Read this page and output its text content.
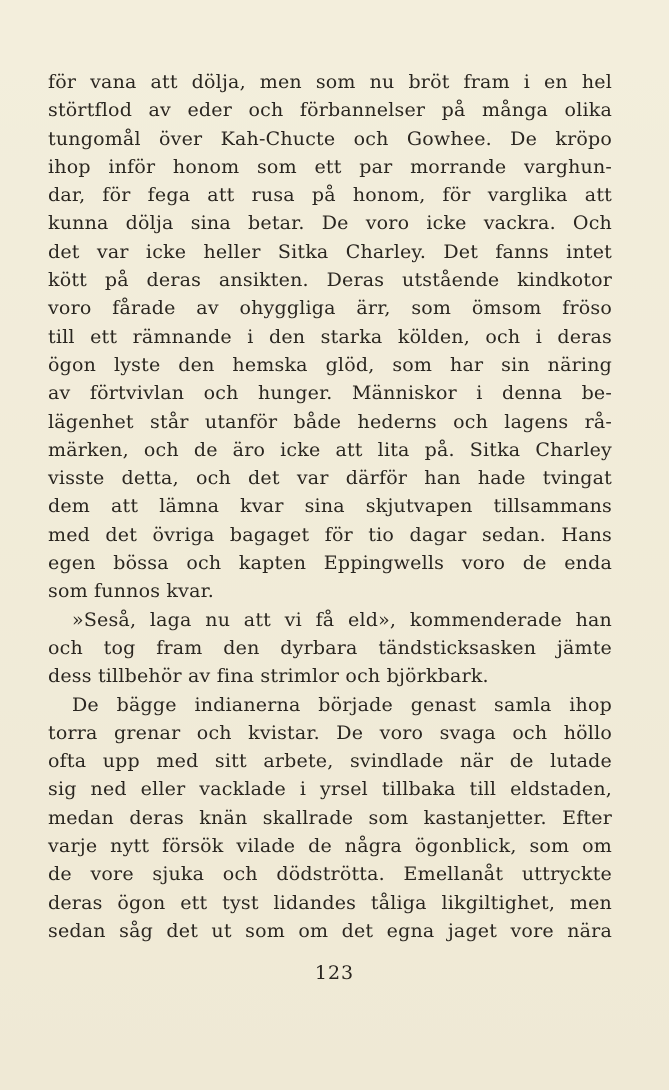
för vana att dölja, men som nu bröt fram i en hel
störtflod av eder och förbannelser på många olika
tungomål över Kah-Chucte och Gowhee. De kröpo
ihop inför honom som ett par morrande varghun-
dar, för fega att rusa på honom, för varglika att
kunna dölja sina betar. De voro icke vackra. Och
det var icke heller Sitka Charley. Det fanns intet
kött på deras ansikten. Deras utstående kindkotor
voro fårade av ohyggliga ärr, som ömsom fröso
till ett rämnande i den starka kölden, och i deras
ögon lyste den hemska glöd, som har sin näring
av förtvivlan och hunger. Människor i denna be-
lägenhet står utanför både hederns och lagens rå-
märken, och de äro icke att lita på. Sitka Charley
visste detta, och det var därför han hade tvingat
dem att lämna kvar sina skjutvapen tillsammans
med det övriga bagaget för tio dagar sedan. Hans
egen bössa och kapten Eppingwells voro de enda
som funnos kvar.
»Seså, laga nu att vi få eld», kommenderade han
och tog fram den dyrbara tändsticksasken jämte
dess tillbehör av fina strimlor och björkbark.
De bägge indianerna började genast samla ihop
torra grenar och kvistar. De voro svaga och höllo
ofta upp med sitt arbete, svindlade när de lutade
sig ned eller vacklade i yrsel tillbaka till eldstaden,
medan deras knän skallrade som kastanjetter. Efter
varje nytt försök vilade de några ögonblick, som om
de vore sjuka och dödströtta. Emellanåt uttryckte
deras ögon ett tyst lidandes tåliga likgiltighet, men
sedan såg det ut som om det egna jaget vore nära
123
